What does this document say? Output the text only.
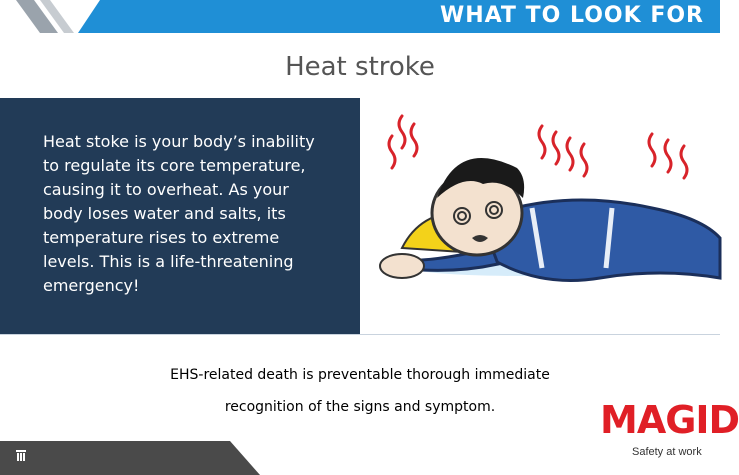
WHAT TO LOOK FOR
Heat stroke
Heat stoke is your body’s inability to regulate its core temperature, causing it to overheat. As your body loses water and salts, its temperature rises to extreme levels. This is a life-threatening emergency!
EHS-related death is preventable thorough immediate
recognition of the signs and symptom.	MAGID
Safety at work
